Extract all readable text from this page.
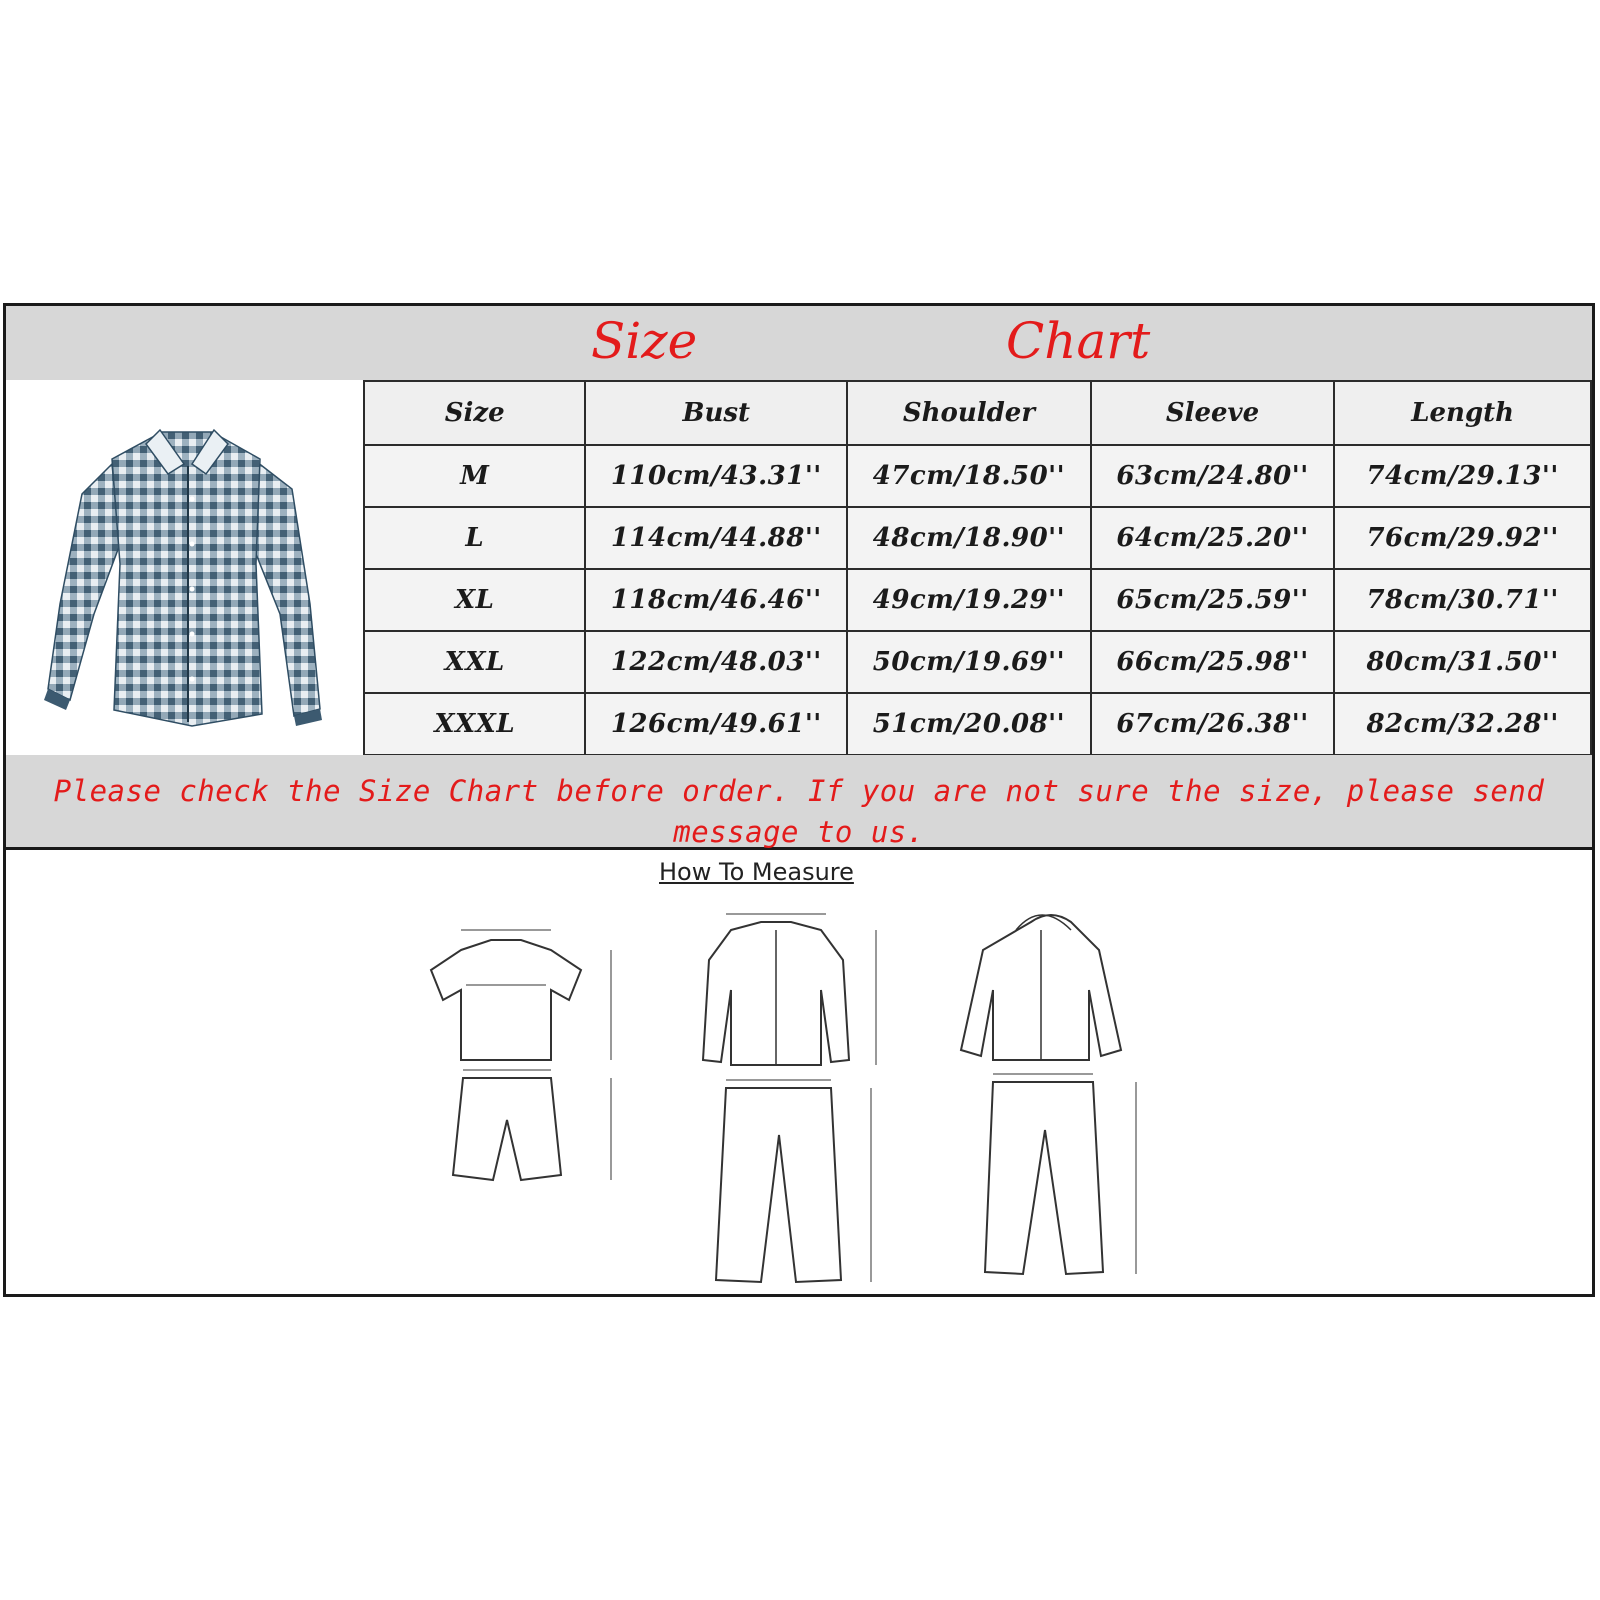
Size	Chart
Size	Bust	Shoulder	Sleeve	Length
M	110cm/43.31''	47cm/18.50''	63cm/24.80''	74cm/29.13''
L	114cm/44.88''	48cm/18.90''	64cm/25.20''	76cm/29.92''
XL	118cm/46.46''	49cm/19.29''	65cm/25.59''	78cm/30.71''
XXL	122cm/48.03''	50cm/19.69''	66cm/25.98''	80cm/31.50''
XXXL	126cm/49.61''	51cm/20.08''	67cm/26.38''	82cm/32.28''
Please check the Size Chart before order. If you are not sure the size, please send message to us.
How To Measure
